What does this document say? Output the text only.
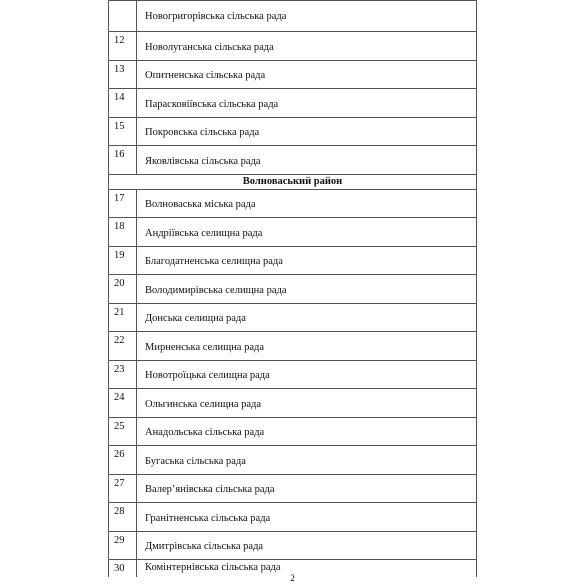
	Новогригорівська сільська рада

12	Новолуганська сільська рада

13	Опитненська сільська рада

14	Парасковіївська сільська рада

15	Покровська сільська рада

16	Яковлівська сільська рада

Волноваський район	

17	Волноваська міська рада

18	Андріївська селищна рада

19	Благодатненська селищна рада

20	Володимирівська селищна рада

21	Донська селищна рада

22	Мирненська селищна рада

23	Новотроїцька селищна рада

24	Ольгинська селищна рада

25	Анадольська сільська рада

26	Бугаська сільська рада

27	Валер’янівська сільська рада

28	Гранітненська сільська рада

29	Дмитрівська сільська рада

30	Комінтернівська сільська рада
2
